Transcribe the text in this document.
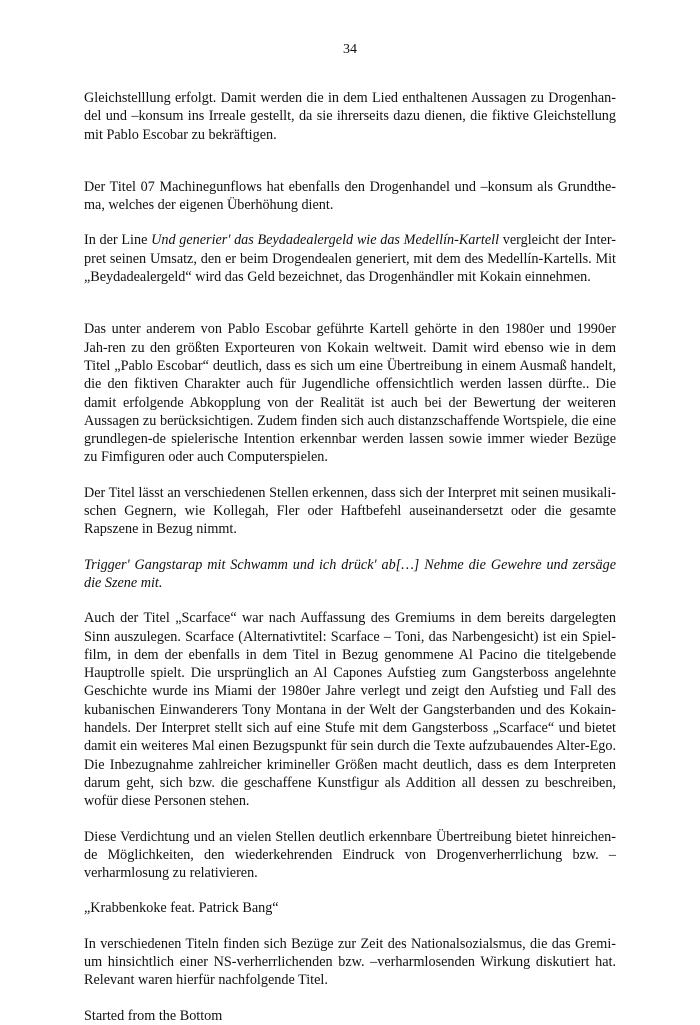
34

Gleichstelllung erfolgt. Damit werden die in dem Lied enthaltenen Aussagen zu Drogenhan-del und –konsum ins Irreale gestellt, da sie ihrerseits dazu dienen, die fiktive Gleichstellung mit Pablo Escobar zu bekräftigen.

Der Titel 07 Machinegunflows hat ebenfalls den Drogenhandel und –konsum als Grundthe-ma, welches der eigenen Überhöhung dient.

In der Line Und generier' das Beydadealergeld wie das Medellín-Kartell vergleicht der Inter-pret seinen Umsatz, den er beim Drogendealen generiert, mit dem des Medellín-Kartells. Mit „Beydadealergeld“ wird das Geld bezeichnet, das Drogenhändler mit Kokain einnehmen.

Das unter anderem von Pablo Escobar geführte Kartell gehörte in den 1980er und 1990er Jah-ren zu den größten Exporteuren von Kokain weltweit. Damit wird ebenso wie in dem Titel „Pablo Escobar“ deutlich, dass es sich um eine Übertreibung in einem Ausmaß handelt, die den fiktiven Charakter auch für Jugendliche offensichtlich werden lassen dürfte.. Die damit erfolgende Abkopplung von der Realität ist auch bei der Bewertung der weiteren Aussagen zu berücksichtigen. Zudem finden sich auch distanzschaffende Wortspiele, die eine grundlegen-de spielerische Intention erkennbar werden lassen sowie immer wieder Bezüge zu Fimfiguren oder auch Computerspielen.

Der Titel lässt an verschiedenen Stellen erkennen, dass sich der Interpret mit seinen musikali-schen Gegnern, wie Kollegah, Fler oder Haftbefehl auseinandersetzt oder die gesamte Rapszene in Bezug nimmt.

Trigger' Gangstarap mit Schwamm und ich drück' ab[…] Nehme die Gewehre und zersäge die Szene mit.

Auch der Titel „Scarface“ war nach Auffassung des Gremiums in dem bereits dargelegten Sinn auszulegen. Scarface (Alternativtitel: Scarface – Toni, das Narbengesicht) ist ein Spiel-film, in dem der ebenfalls in dem Titel in Bezug genommene Al Pacino die titelgebende Hauptrolle spielt. Die ursprünglich an Al Capones Aufstieg zum Gangsterboss angelehnte Geschichte wurde ins Miami der 1980er Jahre verlegt und zeigt den Aufstieg und Fall des kubanischen Einwanderers Tony Montana in der Welt der Gangsterbanden und des Kokain-handels. Der Interpret stellt sich auf eine Stufe mit dem Gangsterboss „Scarface“ und bietet damit ein weiteres Mal einen Bezugspunkt für sein durch die Texte aufzubauendes Alter-Ego. Die Inbezugnahme zahlreicher krimineller Größen macht deutlich, dass es dem Interpreten darum geht, sich bzw. die geschaffene Kunstfigur als Addition all dessen zu beschreiben, wofür diese Personen stehen.

Diese Verdichtung und an vielen Stellen deutlich erkennbare Übertreibung bietet hinreichen-de Möglichkeiten, den wiederkehrenden Eindruck von Drogenverherrlichung bzw. –verharmlosung zu relativieren.

„Krabbenkoke feat. Patrick Bang“

In verschiedenen Titeln finden sich Bezüge zur Zeit des Nationalsozialsmus, die das Gremi-um hinsichtlich einer NS-verherrlichenden bzw. –verharmlosenden Wirkung diskutiert hat. Relevant waren hierfür nachfolgende Titel.

Started from the Bottom
